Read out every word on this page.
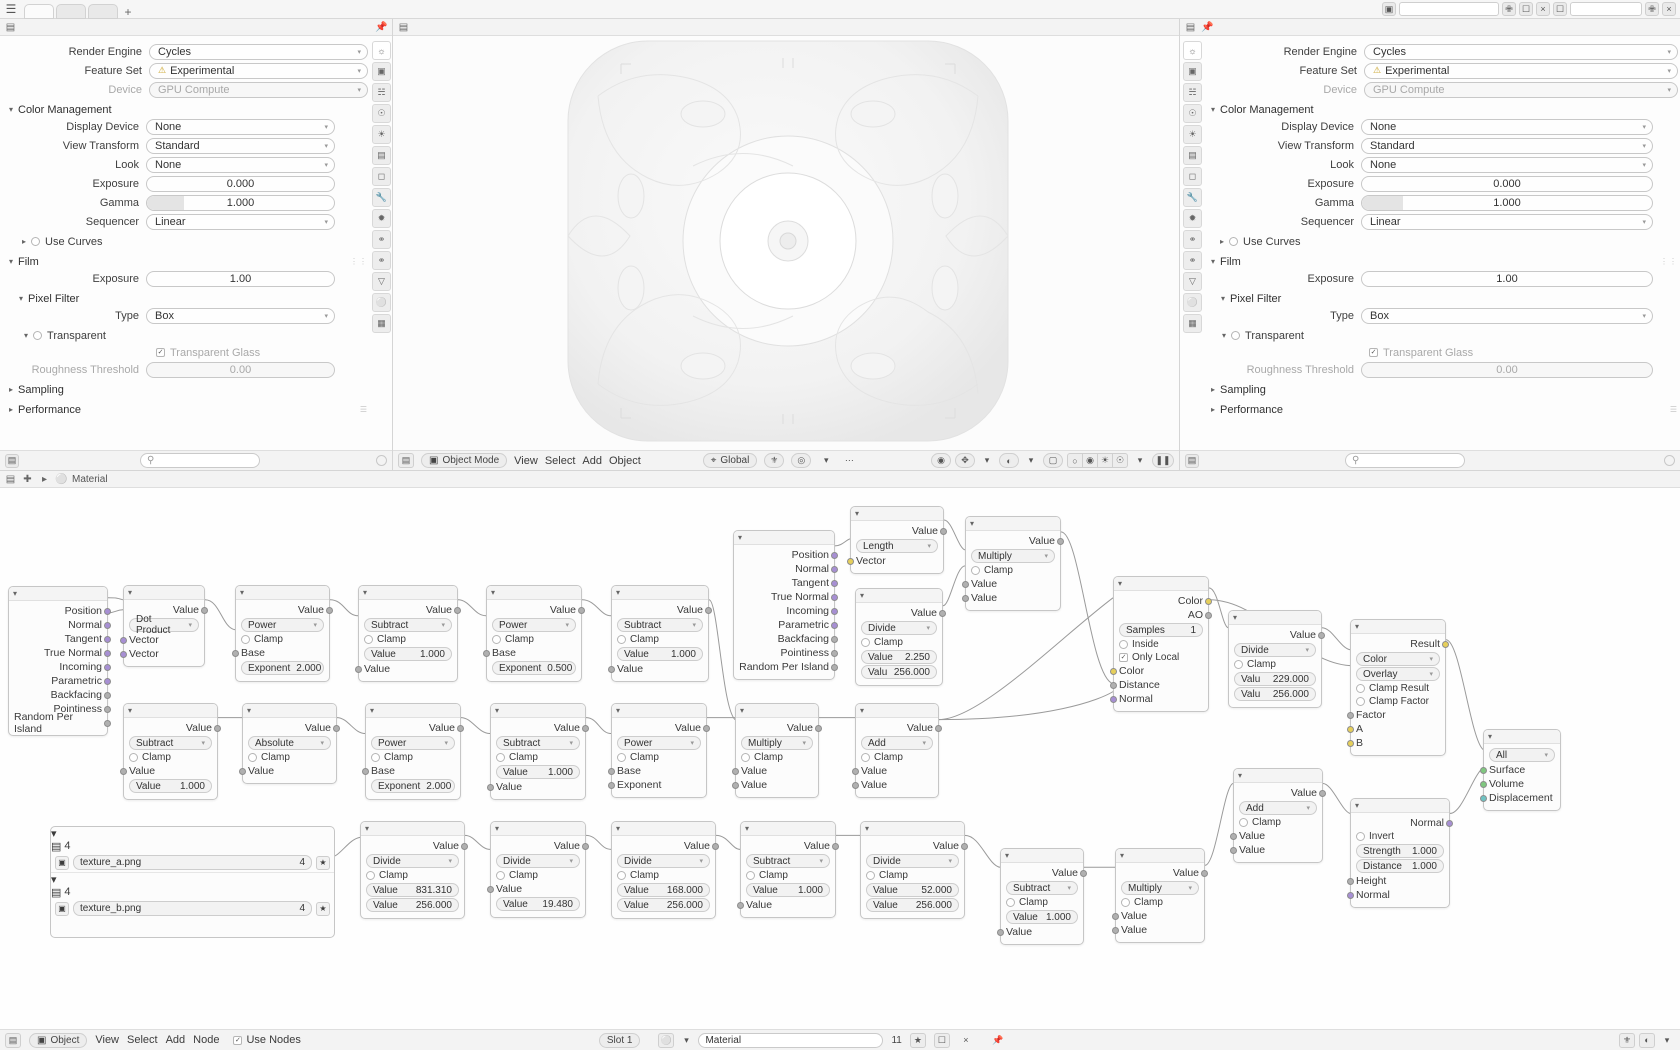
☰	+	▣	✙	☐	×	☐	✙	×
▤	📌
☼
▣
☵
☉
☀
▤
◻
🔧
✹
⚭
⚭
▽
⚪
▦
Render Engine	Cycles	▾
Feature Set	⚠ Experimental	▾
Device	GPU Compute	▾
▾ Color Management
Display Device	None	▾
View Transform	Standard	▾
Look	None	▾
Exposure	0.000
Gamma	1.000
Sequencer	Linear	▾
▸ Use Curves
▾ Film	⋮⋮
Exposure	1.00
▾ Pixel Filter
Type	Box	▾
▾ Transparent
✓ Transparent Glass
Roughness Threshold	0.00
▸ Sampling
▸ Performance	☰
▤	⚲
▤
▤	▣ Object Mode View Select Add Object	⌖ Global	⚜	◎	▾	⋯	◉	✥	▾	◐	▾	▢	○ ◉ ☀ ☉	▾	❚❚
▤ 📌
☼
▣
☵
☉
☀
▤
◻
🔧
✹
⚭
⚭
▽
⚪
▦
Render Engine	Cycles	▾
Feature Set	⚠ Experimental	▾
Device	GPU Compute	▾
▾ Color Management
Display Device	None	▾
View Transform	Standard	▾
Look	None	▾
Exposure	0.000
Gamma	1.000
Sequencer	Linear	▾
▸ Use Curves
▾ Film	⋮⋮
Exposure	1.00
▾ Pixel Filter
Type	Box	▾
▾ Transparent
✓ Transparent Glass
Roughness Threshold	0.00
▸ Sampling
▸ Performance	☰
▤	⚲
▤ ✚	▸ ⚪ Material
▾
Position
Normal
Tangent
True Normal
Incoming
Parametric
Backfacing
Pointiness
Random Per Island
▾
Value
Dot Product	▾
Vector
Vector
▾
Value
Power	▾
Clamp
Base
Exponent 2.000
▾
Value
Subtract	▾
Clamp
Value 1.000
Value
▾
Value
Power	▾
Clamp
Base
Exponent 0.500
▾
Value
Subtract	▾
Clamp
Value 1.000
Value
▾
Position
Normal
Tangent
True Normal
Incoming
Parametric
Backfacing
Pointiness
Random Per Island
▾
Value
Length	▾
Vector
▾
Value
Divide	▾
Clamp
Value 2.250
Valu 256.000
▾
Value
Multiply	▾
Clamp
Value
Value
▾
Color
AO
Samples	1
Inside
✓ Only Local
Color
Distance
Normal
▾
Value
Divide	▾
Clamp
Valu 229.000
Valu 256.000
▾
Result
Color	▾
Overlay	▾
Clamp Result
Clamp Factor
Factor
A
B
▾
All	▾
Surface
Volume
Displacement
▾
Value
Subtract	▾
Clamp
Value
Value 1.000
▾
Value
Absolute	▾
Clamp
Value
▾
Value
Power	▾
Clamp
Base
Exponent 2.000
▾
Value
Subtract	▾
Clamp
Value 1.000
Value
▾
Value
Power	▾
Clamp
Base
Exponent
▾
Value
Multiply	▾
Clamp
Value
Value
▾
Value
Add	▾
Clamp
Value
Value
▾
Value
Add	▾
Clamp
Value
Value
▾
Normal
Invert
Strength 1.000
Distance 1.000
Height
Normal
▾
Value
Divide	▾
Clamp
Value 831.310
Value 256.000
▾
Value
Divide	▾
Clamp
Value
Value 19.480
▾
Value
Divide	▾
Clamp
Value 168.000
Value 256.000
▾
Value
Subtract	▾
Clamp
Value 1.000
Value
▾
Value
Divide	▾
Clamp
Value 52.000
Value 256.000
▾
Value
Subtract ▾
Clamp
Value 1.000
Value
▾
Value
Multiply	▾
Clamp
Value
Value
▾
▤ 4
▣	texture_a.png	4	★
▾
▤ 4
▣	texture_b.png	4	★
▤	▣ Object View Select Add Node ✓ Use Nodes	Slot 1	⚪ ▾ Material	11	★	☐	×	📌	⚜	◐	▾
